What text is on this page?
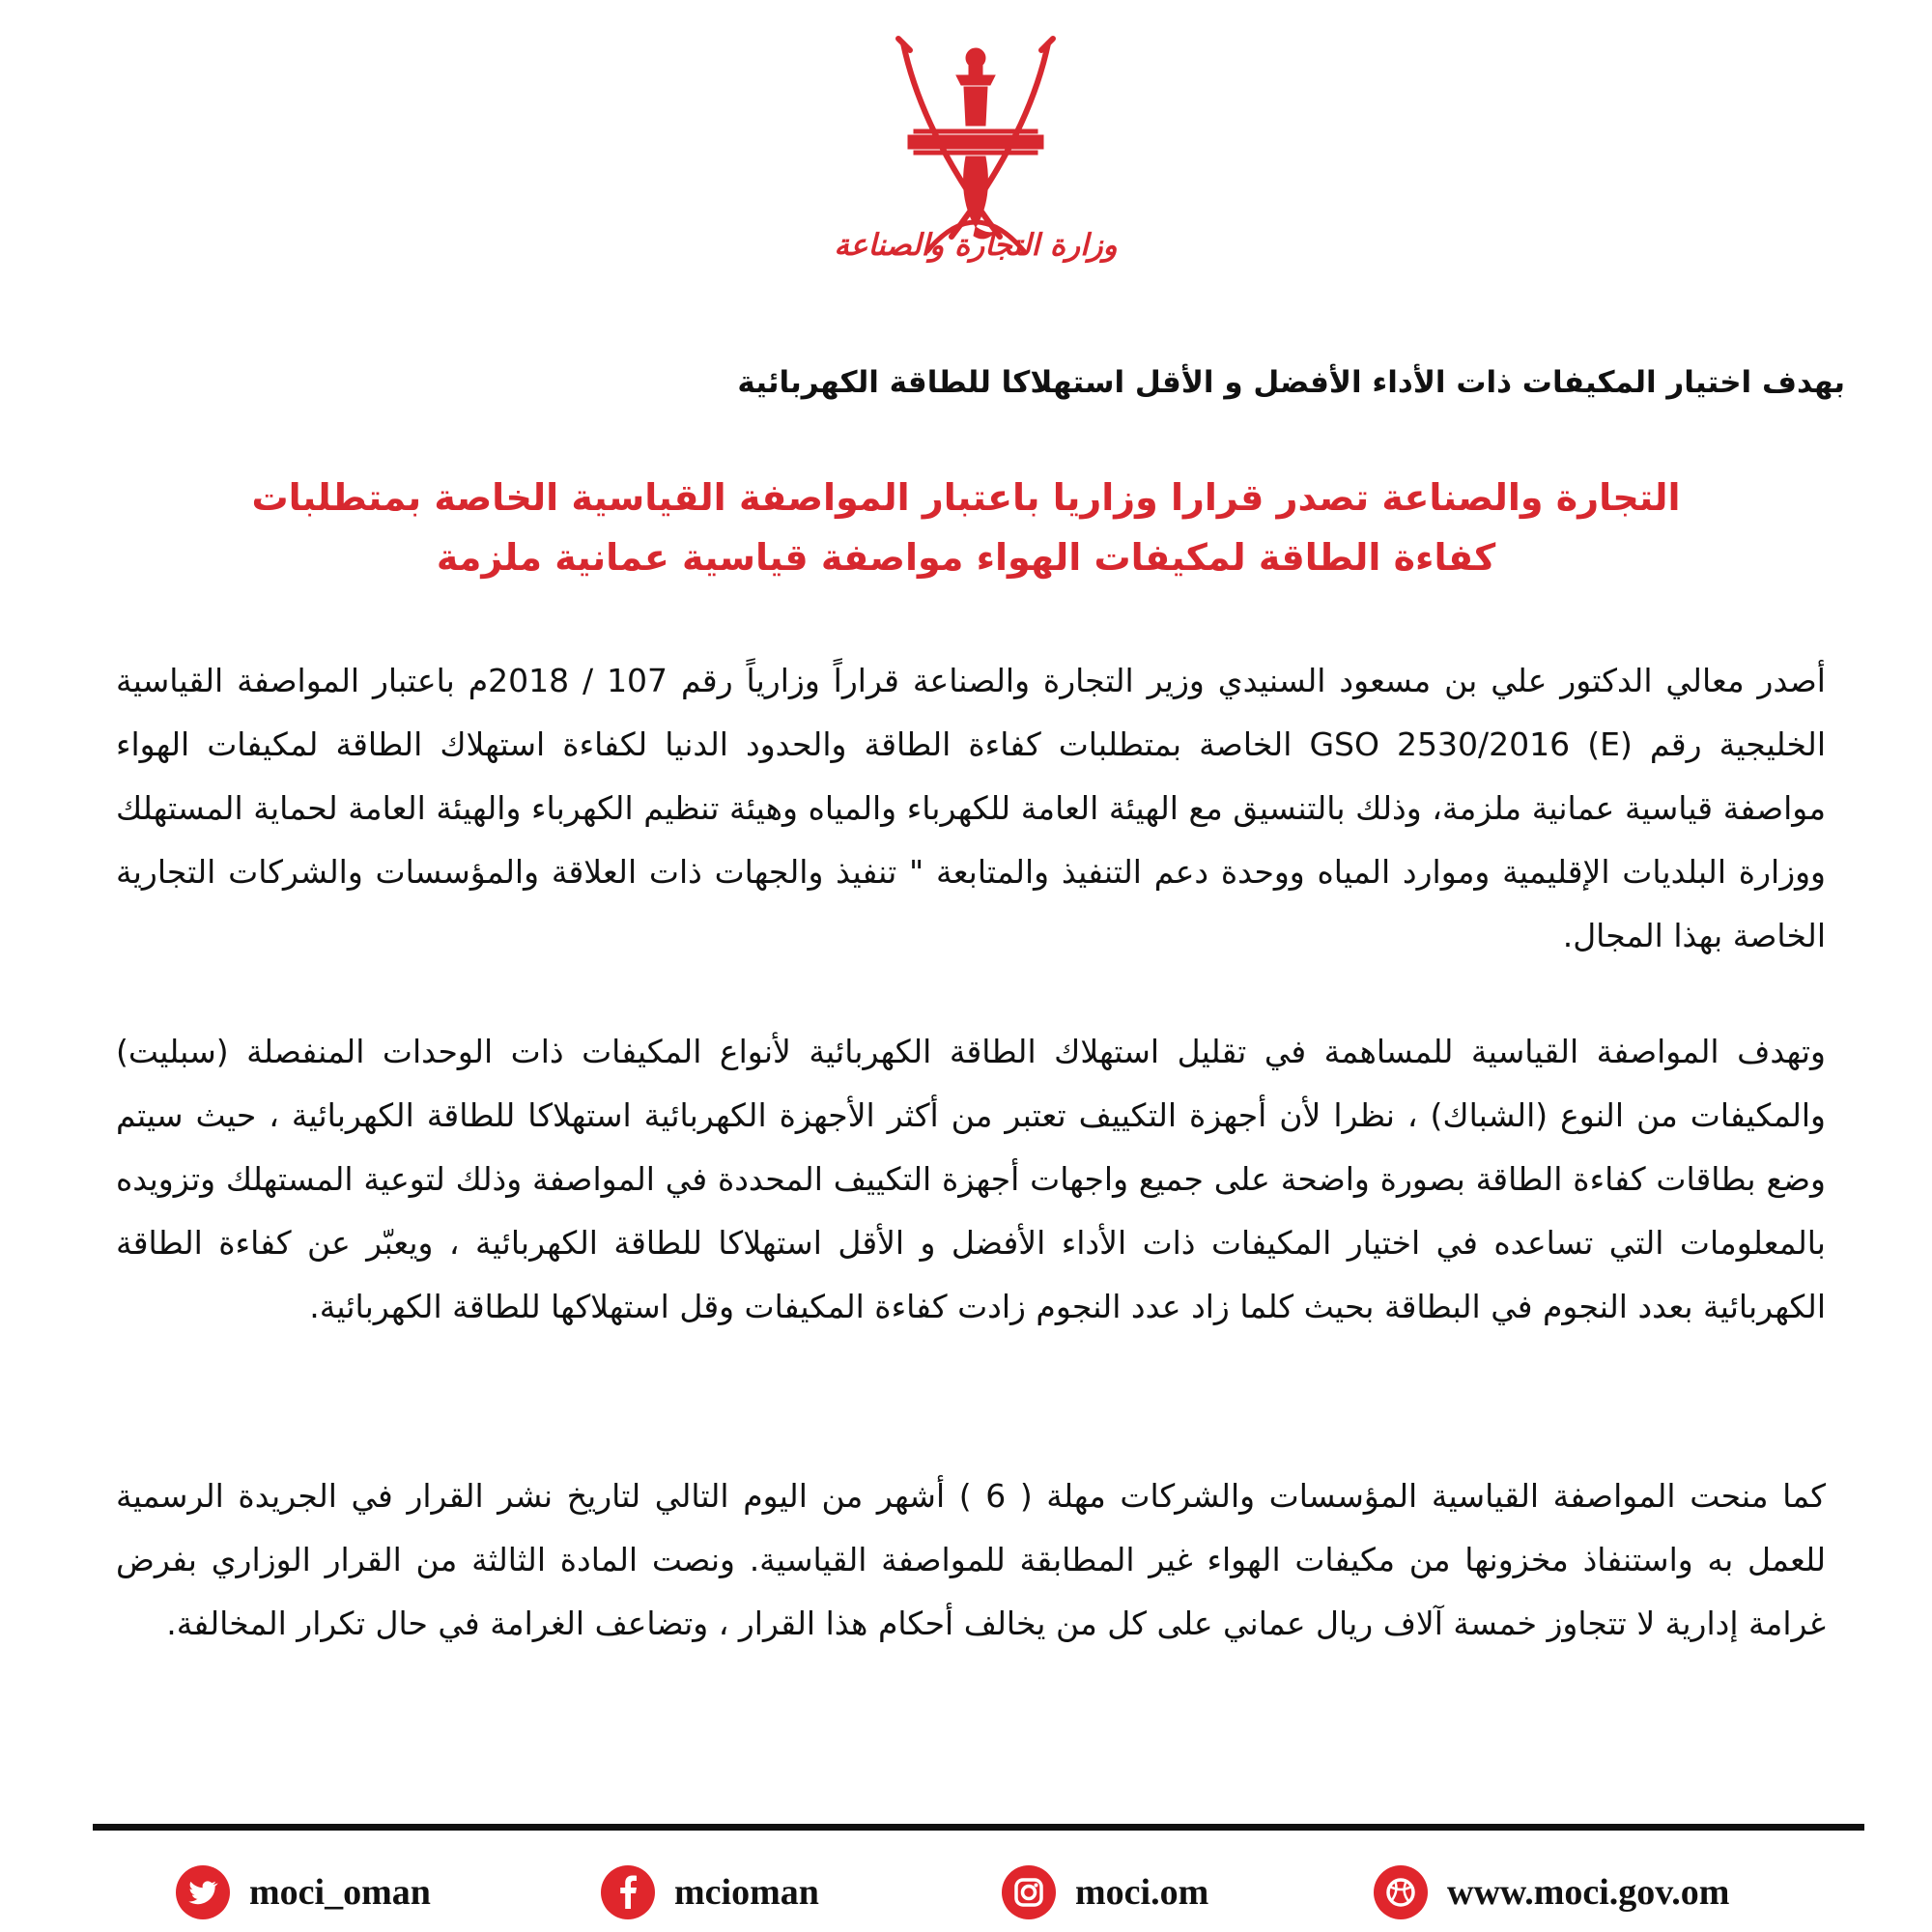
وزارة التجارة والصناعة
بهدف اختيار المكيفات ذات الأداء الأفضل و الأقل استهلاكا للطاقة الكهربائية
التجارة والصناعة تصدر قرارا وزاريا باعتبار المواصفة القياسية الخاصة بمتطلبات
كفاءة الطاقة لمكيفات الهواء مواصفة قياسية عمانية ملزمة
أصدر معالي الدكتور علي بن مسعود السنيدي وزير التجارة والصناعة قراراً وزارياً رقم 107 / 2018م باعتبار المواصفة القياسية الخليجية رقم (GSO 2530/2016 (E الخاصة بمتطلبات كفاءة الطاقة والحدود الدنيا لكفاءة استهلاك الطاقة لمكيفات الهواء مواصفة قياسية عمانية ملزمة، وذلك بالتنسيق مع الهيئة العامة للكهرباء والمياه وهيئة تنظيم الكهرباء والهيئة العامة لحماية المستهلك ووزارة البلديات الإقليمية وموارد المياه ووحدة دعم التنفيذ والمتابعة " تنفيذ والجهات ذات العلاقة والمؤسسات والشركات التجارية الخاصة بهذا المجال.
وتهدف المواصفة القياسية للمساهمة في تقليل استهلاك الطاقة الكهربائية لأنواع المكيفات ذات الوحدات المنفصلة (سبليت) والمكيفات من النوع (الشباك) ، نظرا لأن أجهزة التكييف تعتبر من أكثر الأجهزة الكهربائية استهلاكا للطاقة الكهربائية ، حيث سيتم وضع بطاقات كفاءة الطاقة بصورة واضحة على جميع واجهات أجهزة التكييف المحددة في المواصفة وذلك لتوعية المستهلك وتزويده بالمعلومات التي تساعده في اختيار المكيفات ذات الأداء الأفضل و الأقل استهلاكا للطاقة الكهربائية ، ويعبّر عن كفاءة الطاقة الكهربائية بعدد النجوم في البطاقة بحيث كلما زاد عدد النجوم زادت كفاءة المكيفات وقل استهلاكها للطاقة الكهربائية.
كما منحت المواصفة القياسية المؤسسات والشركات مهلة ( 6 ) أشهر من اليوم التالي لتاريخ نشر القرار في الجريدة الرسمية للعمل به واستنفاذ مخزونها من مكيفات الهواء غير المطابقة للمواصفة القياسية. ونصت المادة الثالثة من القرار الوزاري بفرض غرامة إدارية لا تتجاوز خمسة آلاف ريال عماني على كل من يخالف أحكام هذا القرار ، وتضاعف الغرامة في حال تكرار المخالفة.
moci_oman	mcioman	moci.om	www.moci.gov.om
